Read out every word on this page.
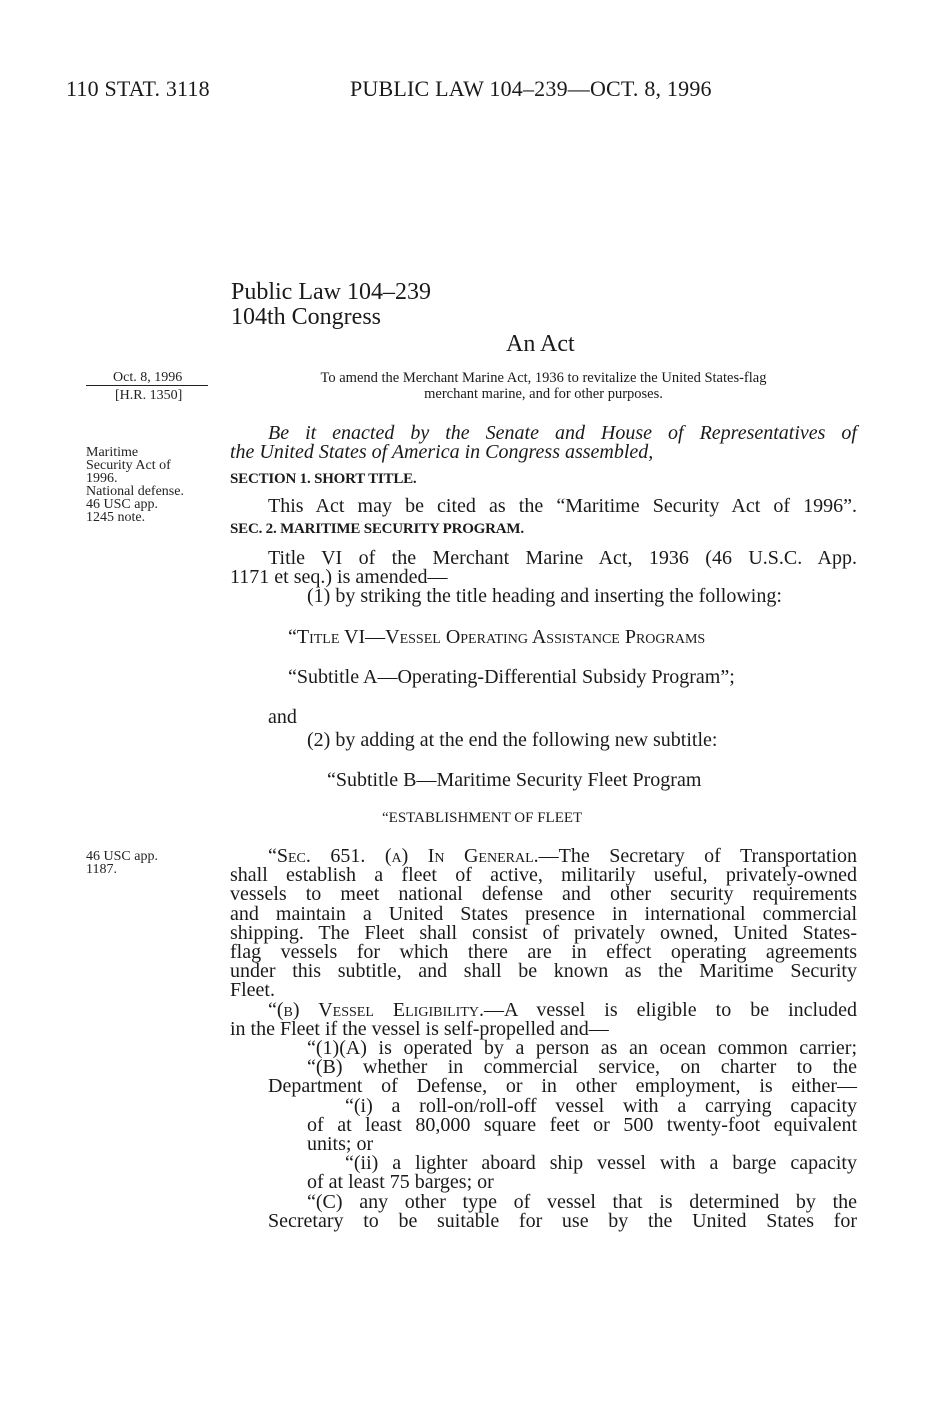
110 STAT. 3118	PUBLIC LAW 104–239—OCT. 8, 1996
Public Law 104–239
104th Congress
An Act
Oct. 8, 1996
[H.R. 1350]
To amend the Merchant Marine Act, 1936 to revitalize the United States-flag
merchant marine, and for other purposes.
Maritime
Security Act of
1996.
National defense.
46 USC app.
1245 note.
Be it enacted by the Senate and House of Representatives of
the United States of America in Congress assembled,
SECTION 1. SHORT TITLE.
This Act may be cited as the “Maritime Security Act of 1996”.
SEC. 2. MARITIME SECURITY PROGRAM.
Title VI of the Merchant Marine Act, 1936 (46 U.S.C. App.
1171 et seq.) is amended—
(1) by striking the title heading and inserting the following:
“Title VI—Vessel Operating Assistance Programs
“Subtitle A—Operating-Differential Subsidy Program”;
and
(2) by adding at the end the following new subtitle:
“Subtitle B—Maritime Security Fleet Program
“ESTABLISHMENT OF FLEET
46 USC app.
1187.
“Sec. 651. (a) In General.—The Secretary of Transportation
shall establish a fleet of active, militarily useful, privately-owned
vessels to meet national defense and other security requirements
and maintain a United States presence in international commercial
shipping. The Fleet shall consist of privately owned, United States-
flag vessels for which there are in effect operating agreements
under this subtitle, and shall be known as the Maritime Security
Fleet.
“(b) Vessel Eligibility.—A vessel is eligible to be included
in the Fleet if the vessel is self-propelled and—
“(1)(A) is operated by a person as an ocean common carrier;
“(B) whether in commercial service, on charter to the
Department of Defense, or in other employment, is either—
“(i) a roll-on/roll-off vessel with a carrying capacity
of at least 80,000 square feet or 500 twenty-foot equivalent
units; or
“(ii) a lighter aboard ship vessel with a barge capacity
of at least 75 barges; or
“(C) any other type of vessel that is determined by the
Secretary to be suitable for use by the United States for
